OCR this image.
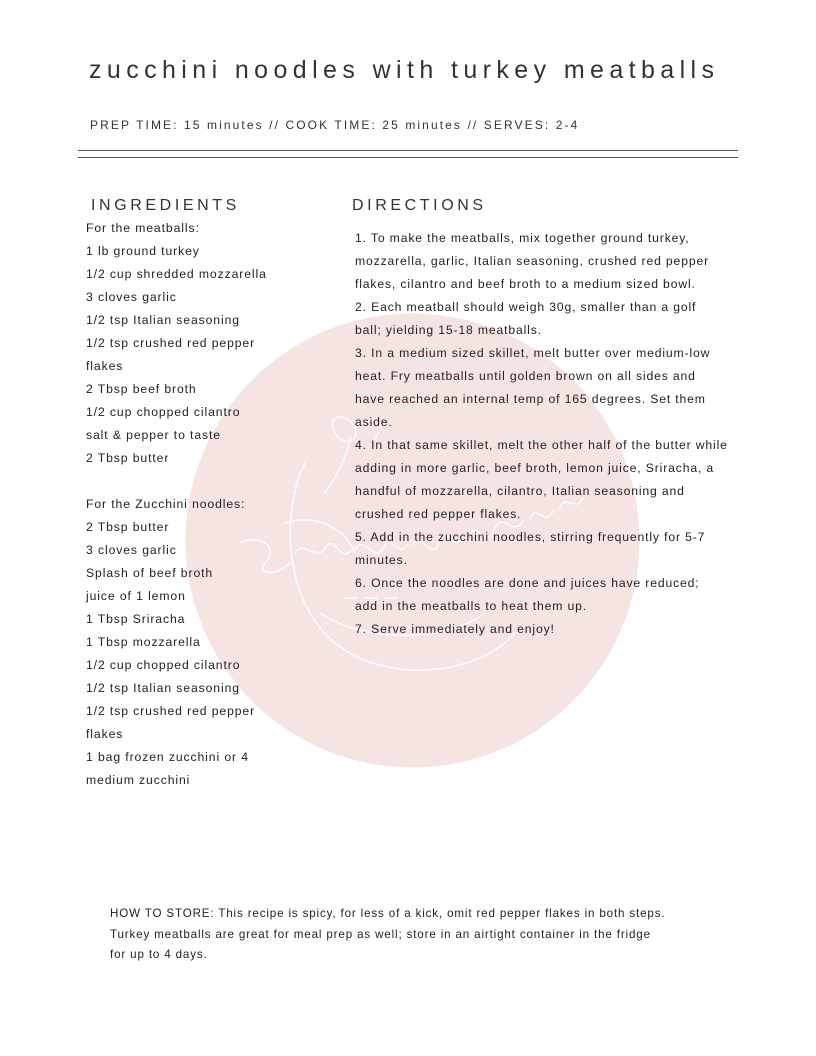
zucchini noodles with turkey meatballs
PREP TIME: 15 minutes // COOK TIME: 25 minutes // SERVES: 2-4
INGREDIENTS	DIRECTIONS
For the meatballs:
1 lb ground turkey
1/2 cup shredded mozzarella
3 cloves garlic
1/2 tsp Italian seasoning
1/2 tsp crushed red pepper
flakes
2 Tbsp beef broth
1/2 cup chopped cilantro
salt & pepper to taste
2 Tbsp butter
For the Zucchini noodles:
2 Tbsp butter
3 cloves garlic
Splash of beef broth
juice of 1 lemon
1 Tbsp Sriracha
1 Tbsp mozzarella
1/2 cup chopped cilantro
1/2 tsp Italian seasoning
1/2 tsp crushed red pepper
flakes
1 bag frozen zucchini or 4
medium zucchini
1. To make the meatballs, mix together ground turkey,
mozzarella, garlic, Italian seasoning, crushed red pepper
flakes, cilantro and beef broth to a medium sized bowl.
2. Each meatball should weigh 30g, smaller than a golf
ball; yielding 15-18 meatballs.
3. In a medium sized skillet, melt butter over medium-low
heat. Fry meatballs until golden brown on all sides and
have reached an internal temp of 165 degrees. Set them
aside.
4. In that same skillet, melt the other half of the butter while
adding in more garlic, beef broth, lemon juice, Sriracha, a
handful of mozzarella, cilantro, Italian seasoning and
crushed red pepper flakes.
5. Add in the zucchini noodles, stirring frequently for 5-7
minutes.
6. Once the noodles are done and juices have reduced;
add in the meatballs to heat them up.
7. Serve immediately and enjoy!
HOW TO STORE: This recipe is spicy, for less of a kick, omit red pepper flakes in both steps.
Turkey meatballs are great for meal prep as well; store in an airtight container in the fridge
for up to 4 days.
